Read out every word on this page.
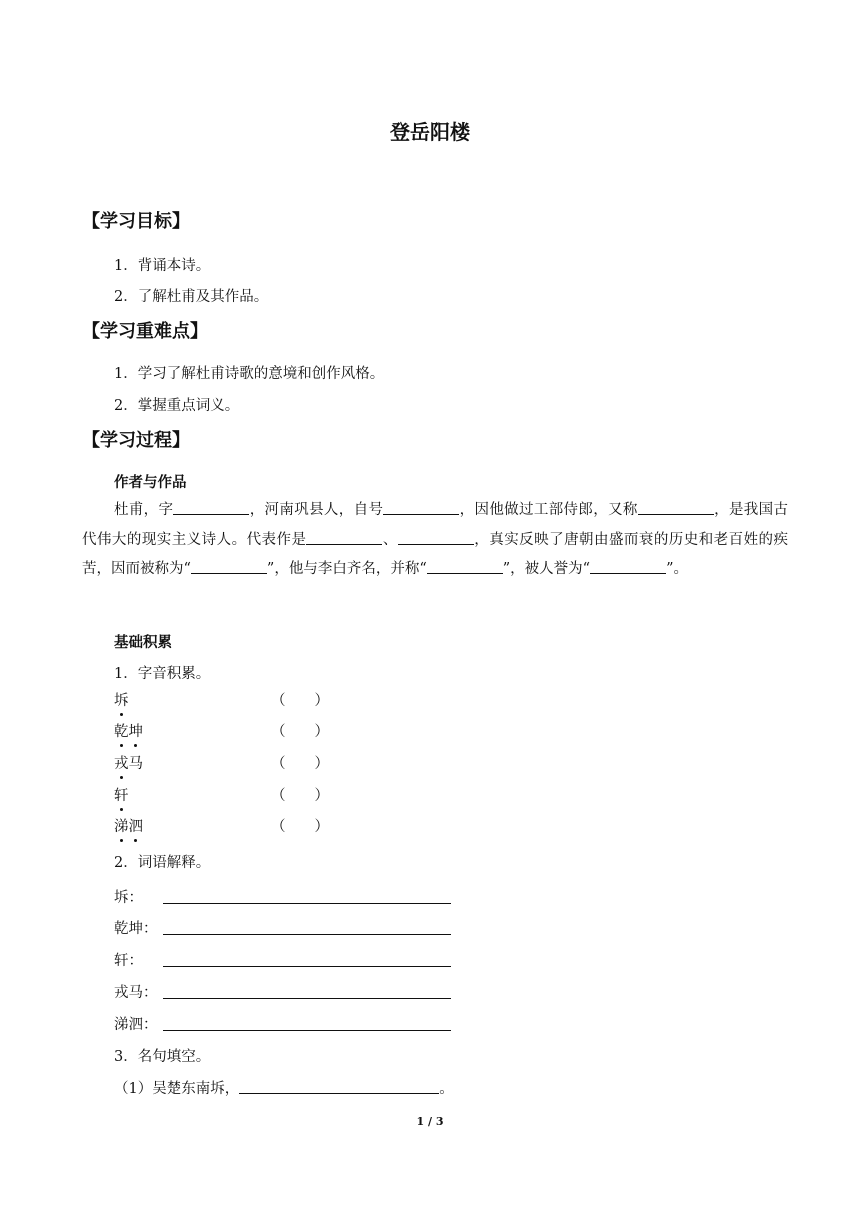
登岳阳楼
【学习目标】
1．背诵本诗。
2．了解杜甫及其作品。
【学习重难点】
1．学习了解杜甫诗歌的意境和创作风格。
2．掌握重点词义。
【学习过程】
作者与作品
杜甫，字	，河南巩县人，自号	，因他做过工部侍郎，又称	，是我国古代伟大的现实主义诗人。代表作是	、	，真实反映了唐朝由盛而衰的历史和老百姓的疾苦，因而被称为“	”，他与李白齐名，并称“	”，被人誉为“	”。
基础积累
1．字音积累。
坼	（　　）
乾坤	（　　）
戎马	（　　）
轩	（　　）
涕泗	（　　）
2．词语解释。
坼：
乾坤：
轩：
戎马：
涕泗：
3．名句填空。
（1）吴楚东南坼，	。
1 / 3
